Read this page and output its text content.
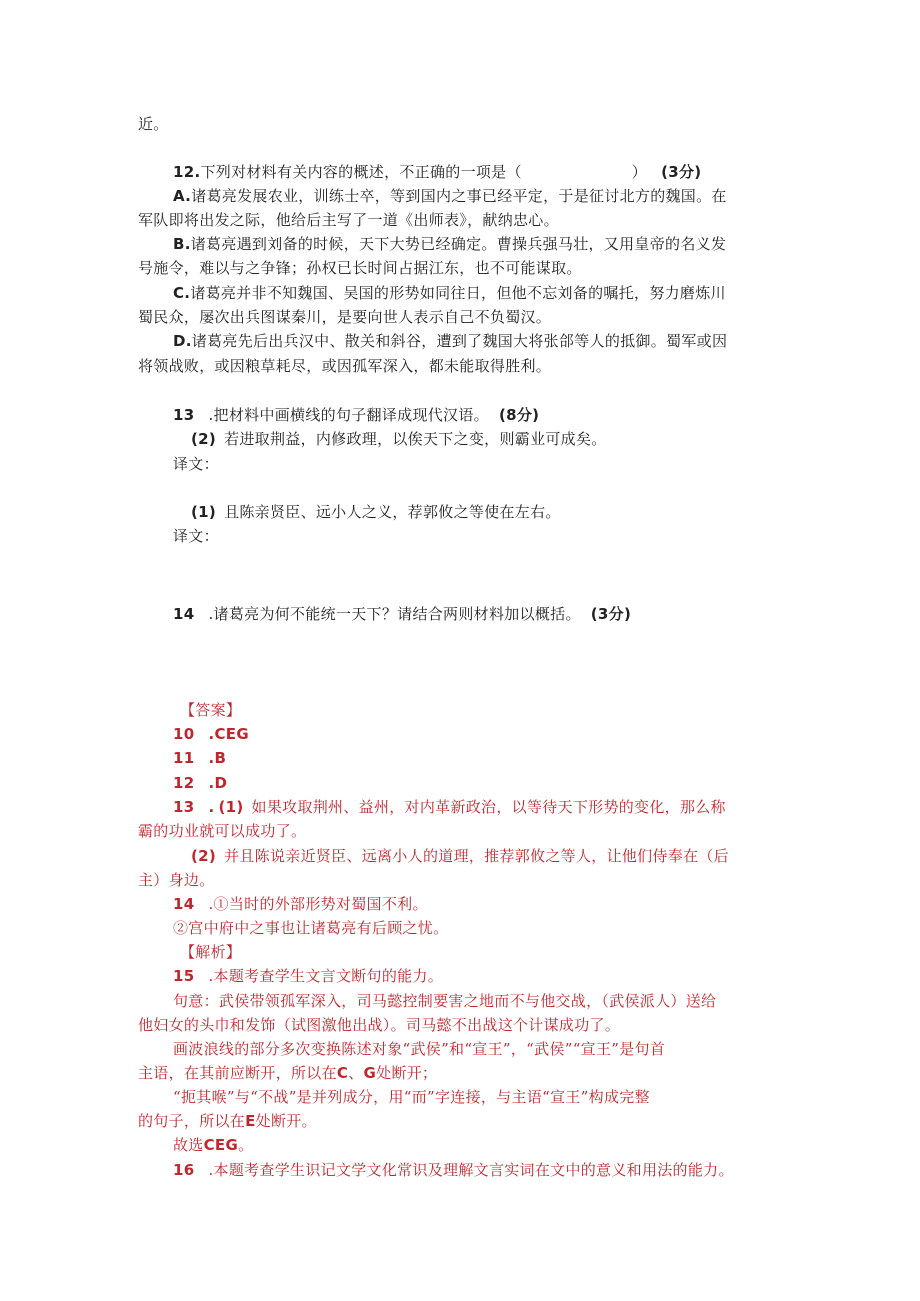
近。
12.下列对材料有关内容的概述，不正确的一项是（	） (3分)
A.诸葛亮发展农业，训练士卒，等到国内之事已经平定，于是征讨北方的魏国。在
军队即将出发之际，他给后主写了一道《出师表》，献纳忠心。
B.诸葛亮遇到刘备的时候，天下大势已经确定。曹操兵强马壮，又用皇帝的名义发
号施令，难以与之争锋；孙权已长时间占据江东，也不可能谋取。
C.诸葛亮并非不知魏国、吴国的形势如同往日，但他不忘刘备的嘱托，努力磨炼川
蜀民众，屡次出兵图谋秦川，是要向世人表示自己不负蜀汉。
D.诸葛亮先后出兵汉中、散关和斜谷，遭到了魏国大将张郃等人的抵御。蜀军或因
将领战败，或因粮草耗尽，或因孤军深入，都未能取得胜利。
13 .把材料中画横线的句子翻译成现代汉语。 (8分)
(2) 若进取荆益，内修政理，以俟天下之变，则霸业可成矣。
译文：
(1) 且陈亲贤臣、远小人之义，荐郭攸之等使在左右。
译文：
14 .诸葛亮为何不能统一天下？请结合两则材料加以概括。 (3分)
【答案】
10 .CEG
11 .B
12 .D
13 . (1) 如果攻取荆州、益州，对内革新政治，以等待天下形势的变化，那么称
霸的功业就可以成功了。
(2) 并且陈说亲近贤臣、远离小人的道理，推荐郭攸之等人，让他们侍奉在（后
主）身边。
14 .①当时的外部形势对蜀国不利。
②宫中府中之事也让诸葛亮有后顾之忧。
【解析】
15 .本题考查学生文言文断句的能力。
句意：武侯带领孤军深入，司马懿控制要害之地而不与他交战，（武侯派人）送给
他妇女的头巾和发饰（试图激他出战）。司马懿不出战这个计谋成功了。
画波浪线的部分多次变换陈述对象“武侯”和“宣王”，“武侯”“宣王”是句首
主语，在其前应断开，所以在C、G处断开；
“扼其喉”与“不战”是并列成分，用“而”字连接，与主语“宣王”构成完整
的句子，所以在E处断开。
故选CEG。
16 .本题考查学生识记文学文化常识及理解文言实词在文中的意义和用法的能力。
